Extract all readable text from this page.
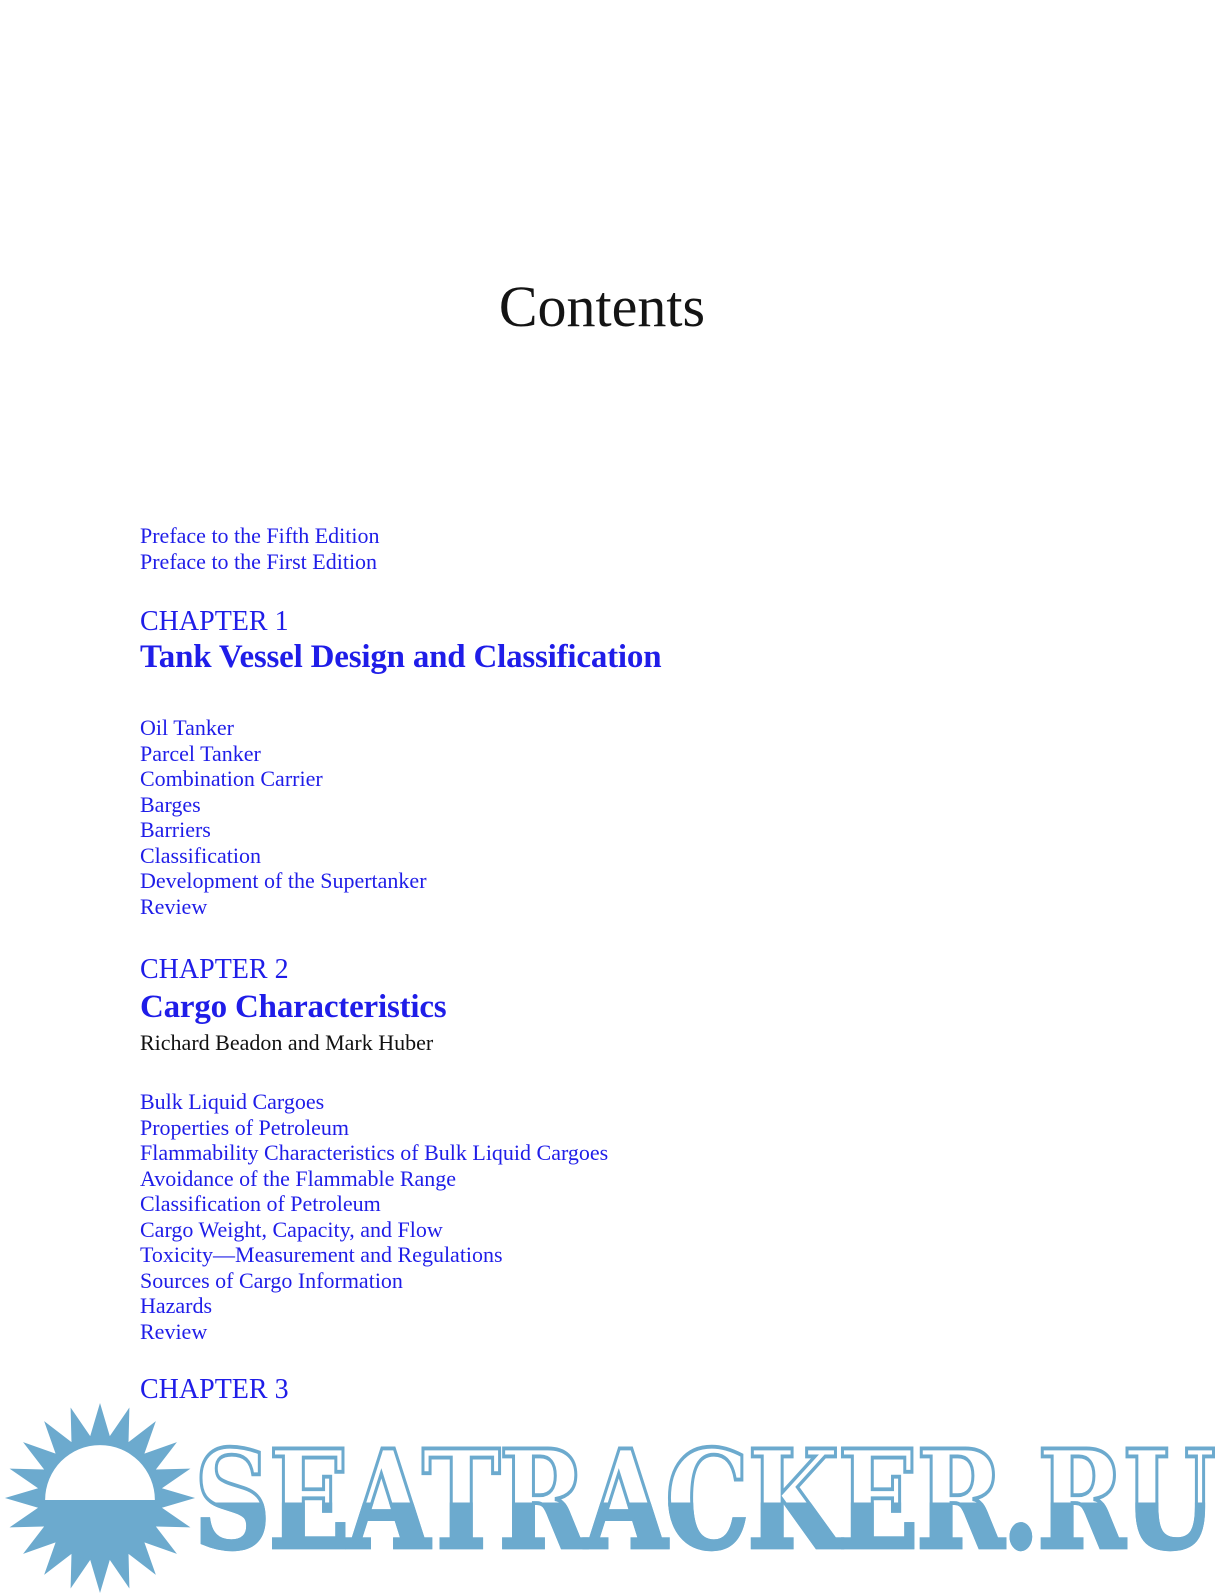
Contents
Preface to the Fifth Edition
Preface to the First Edition
CHAPTER 1
Tank Vessel Design and Classification
Oil Tanker
Parcel Tanker
Combination Carrier
Barges
Barriers
Classification
Development of the Supertanker
Review
CHAPTER 2
Cargo Characteristics
Richard Beadon and Mark Huber
Bulk Liquid Cargoes
Properties of Petroleum
Flammability Characteristics of Bulk Liquid Cargoes
Avoidance of the Flammable Range
Classification of Petroleum
Cargo Weight, Capacity, and Flow
Toxicity—Measurement and Regulations
Sources of Cargo Information
Hazards
Review
CHAPTER 3
SEATRACKER.RU
